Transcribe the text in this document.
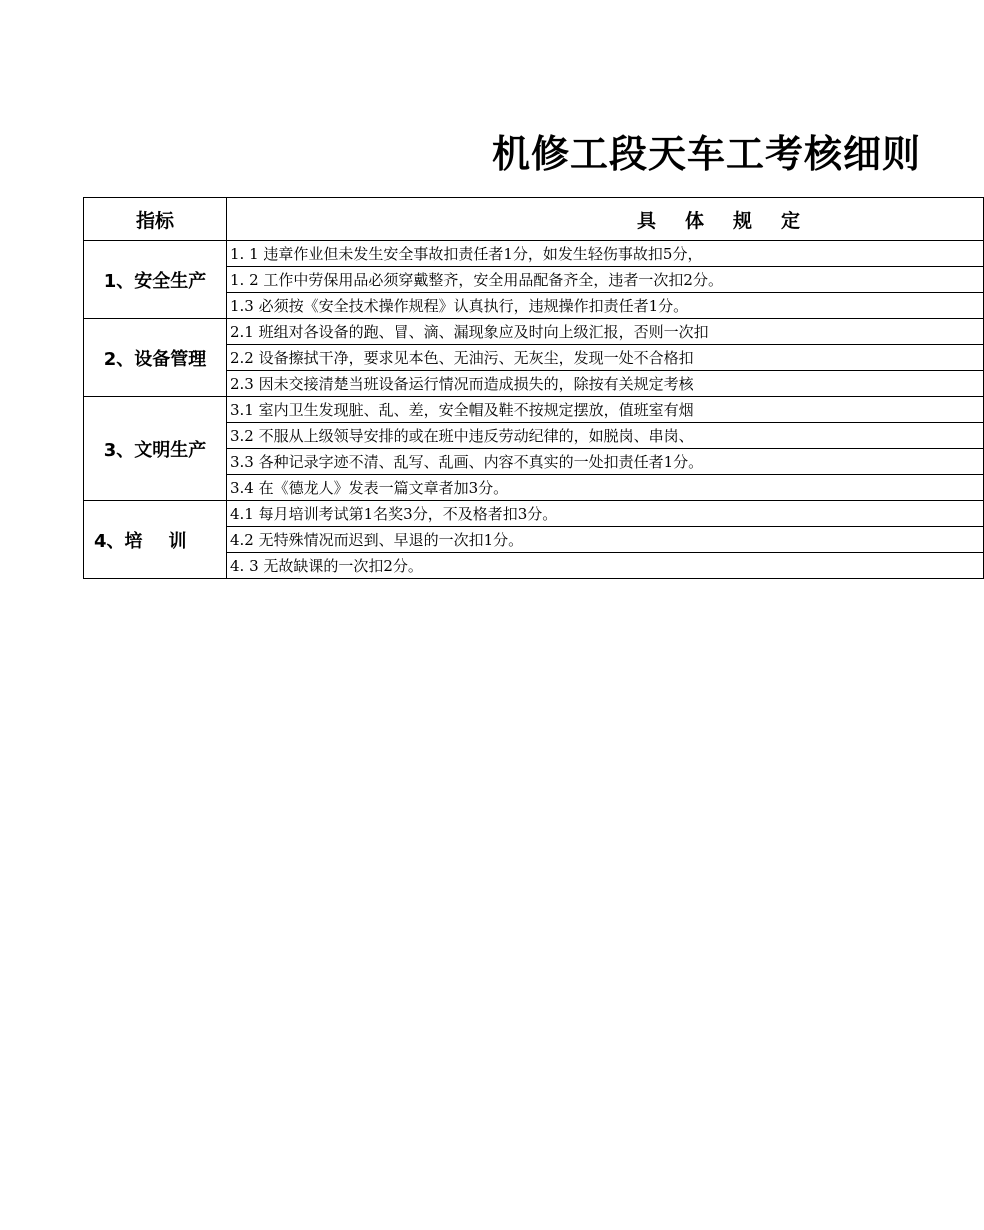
机修工段天车工考核细则
指标	具 体 规 定
1、安全生产	1. 1 违章作业但未发生安全事故扣责任者1分，如发生轻伤事故扣5分，
	1. 2 工作中劳保用品必须穿戴整齐，安全用品配备齐全，违者一次扣2分。
	1.3 必须按《安全技术操作规程》认真执行，违规操作扣责任者1分。
2、设备管理	2.1 班组对各设备的跑、冒、滴、漏现象应及时向上级汇报，否则一次扣
	2.2 设备擦拭干净，要求见本色、无油污、无灰尘，发现一处不合格扣
	2.3 因未交接清楚当班设备运行情况而造成损失的，除按有关规定考核
3、文明生产	3.1 室内卫生发现脏、乱、差，安全帽及鞋不按规定摆放，值班室有烟
	3.2 不服从上级领导安排的或在班中违反劳动纪律的，如脱岗、串岗、
	3.3 各种记录字迹不清、乱写、乱画、内容不真实的一处扣责任者1分。
	3.4 在《德龙人》发表一篇文章者加3分。
4、培 训	4.1 每月培训考试第1名奖3分，不及格者扣3分。
	4.2 无特殊情况而迟到、早退的一次扣1分。
	4. 3 无故缺课的一次扣2分。
